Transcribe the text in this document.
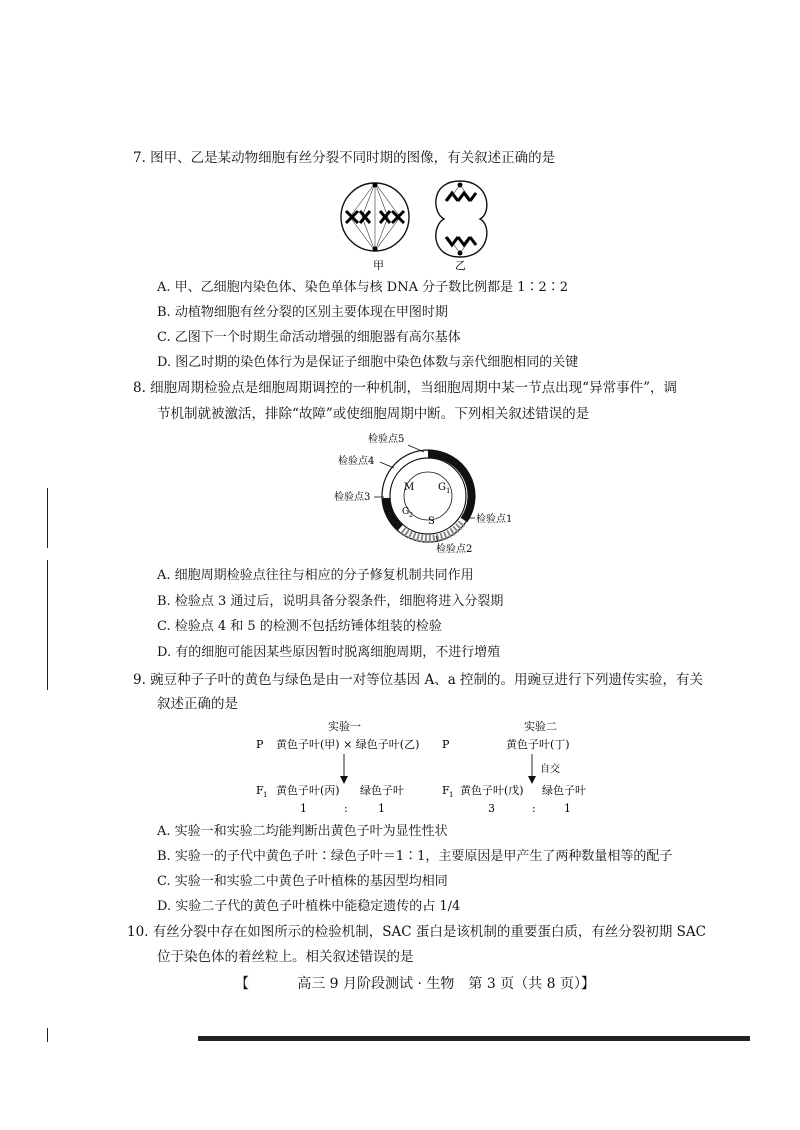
7. 图甲、乙是某动物细胞有丝分裂不同时期的图像，有关叙述正确的是
甲	乙
A. 甲、乙细胞内染色体、染色单体与核 DNA 分子数比例都是 1∶2∶2
B. 动植物细胞有丝分裂的区别主要体现在甲图时期
C. 乙图下一个时期生命活动增强的细胞器有高尔基体
D. 图乙时期的染色体行为是保证子细胞中染色体数与亲代细胞相同的关键
8. 细胞周期检验点是细胞周期调控的一种机制，当细胞周期中某一节点出现“异常事件”，调
节机制就被激活，排除“故障”或使细胞周期中断。下列相关叙述错误的是
M G 1
G 2
S
检验点5
检验点4
检验点3
检验点1
检验点2
A. 细胞周期检验点往往与相应的分子修复机制共同作用
B. 检验点 3 通过后，说明具备分裂条件，细胞将进入分裂期
C. 检验点 4 和 5 的检测不包括纺锤体组装的检验
D. 有的细胞可能因某些原因暂时脱离细胞周期，不进行增殖
9. 豌豆种子子叶的黄色与绿色是由一对等位基因 A、a 控制的。用豌豆进行下列遗传实验，有关
叙述正确的是
实验一
P 黄色子叶(甲) × 绿色子叶(乙)
F 1 黄色子叶(丙) 绿色子叶
1	:	1
实验二
P	黄色子叶(丁)
自交
F 1 黄色子叶(戊) 绿色子叶
3	:	1
A. 实验一和实验二均能判断出黄色子叶为显性性状
B. 实验一的子代中黄色子叶∶绿色子叶＝1∶1，主要原因是甲产生了两种数量相等的配子
C. 实验一和实验二中黄色子叶植株的基因型均相同
D. 实验二子代的黄色子叶植株中能稳定遗传的占 1/4
10. 有丝分裂中存在如图所示的检验机制，SAC 蛋白是该机制的重要蛋白质，有丝分裂初期 SAC
位于染色体的着丝粒上。相关叙述错误的是
【	高三 9 月阶段测试 · 生物　第 3 页（共 8 页）】
